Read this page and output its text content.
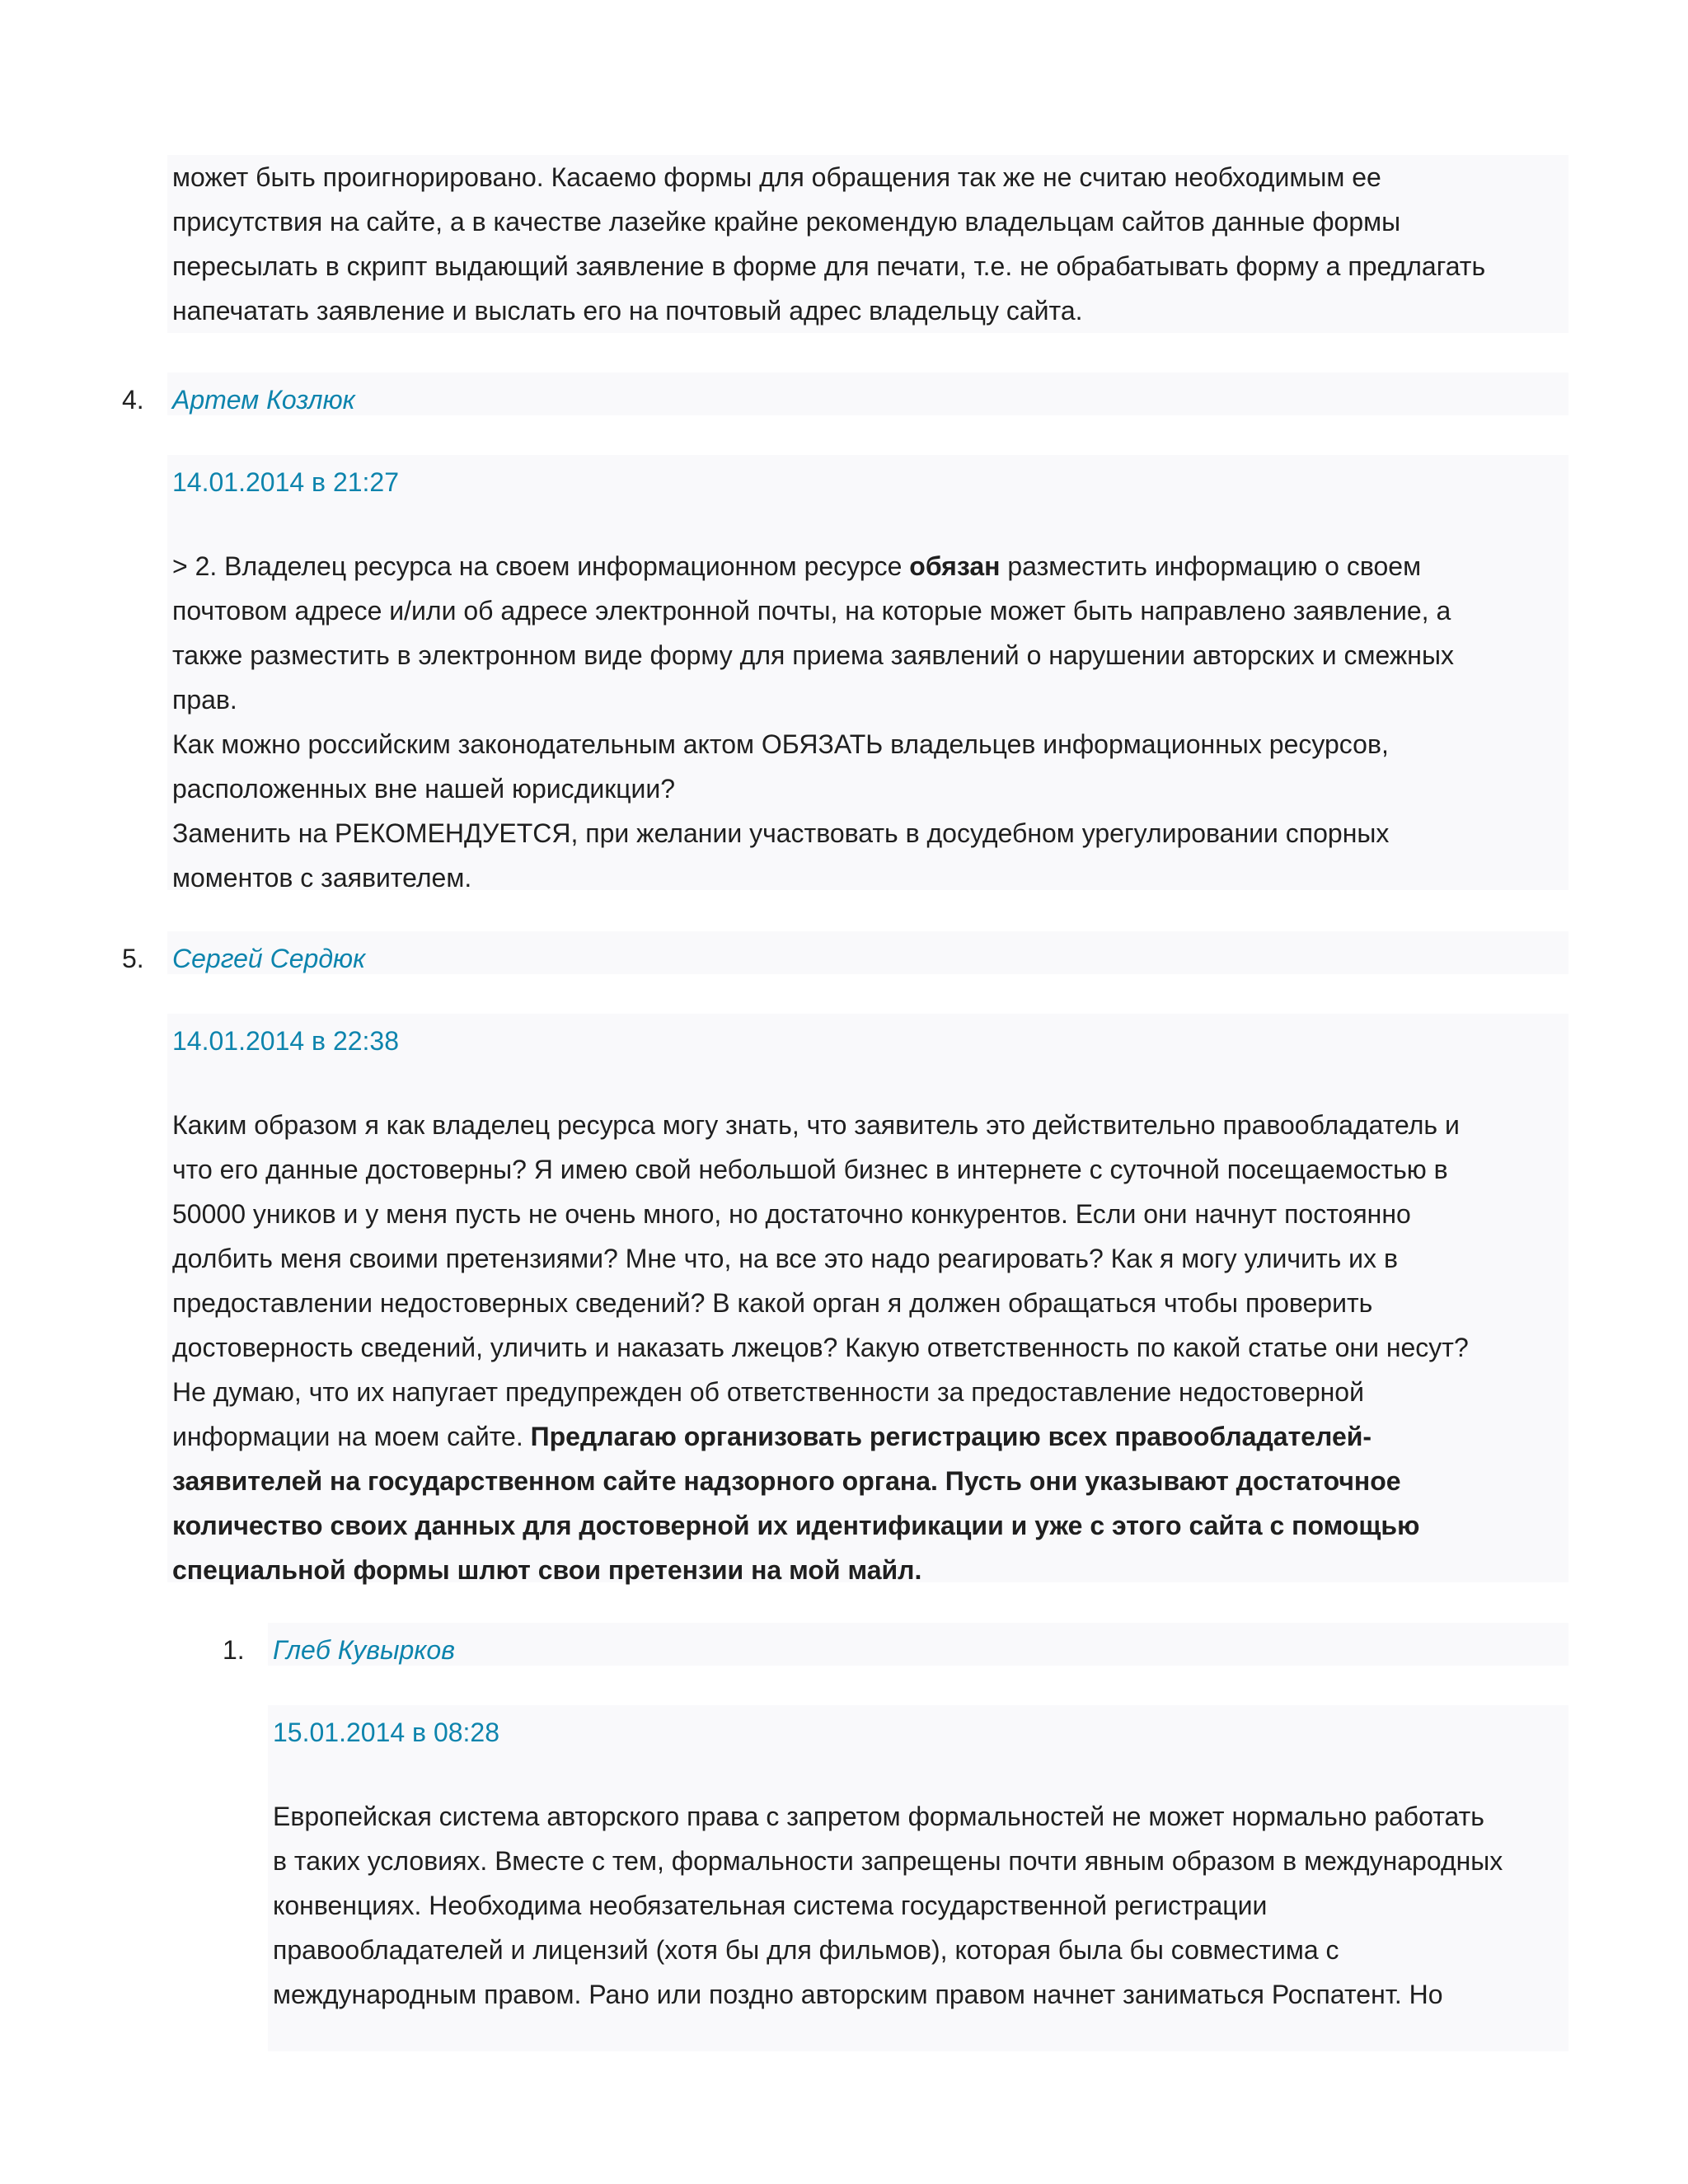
может быть проигнорировано. Касаемо формы для обращения так же не считаю необходимым ее

присутствия на сайте, а в качестве лазейке крайне рекомендую владельцам сайтов данные формы

пересылать в скрипт выдающий заявление в форме для печати, т.е. не обрабатывать форму а предлагать

напечатать заявление и выслать его на почтовый адрес владельцу сайта.

4. Артем Козлюк
14.01.2014 в 21:27

> 2. Владелец ресурса на своем информационном ресурсе обязан разместить информацию о своем

почтовом адресе и/или об адресе электронной почты, на которые может быть направлено заявление, а

также разместить в электронном виде форму для приема заявлений о нарушении авторских и смежных

прав.

Как можно российским законодательным актом ОБЯЗАТЬ владельцев информационных ресурсов,

расположенных вне нашей юрисдикции?

Заменить на РЕКОМЕНДУЕТСЯ, при желании участвовать в досудебном урегулировании спорных

моментов с заявителем.

5. Сергей Сердюк
14.01.2014 в 22:38

Каким образом я как владелец ресурса могу знать, что заявитель это действительно правообладатель и

что его данные достоверны? Я имею свой небольшой бизнес в интернете с суточной посещаемостью в

50000 уников и у меня пусть не очень много, но достаточно конкурентов. Если они начнут постоянно

долбить меня своими претензиями? Мне что, на все это надо реагировать? Как я могу уличить их в

предоставлении недостоверных сведений? В какой орган я должен обращаться чтобы проверить

достоверность сведений, уличить и наказать лжецов? Какую ответственность по какой статье они несут?

Не думаю, что их напугает предупрежден об ответственности за предоставление недостоверной

информации на моем сайте. Предлагаю организовать регистрацию всех правообладателей-

заявителей на государственном сайте надзорного органа. Пусть они указывают достаточное

количество своих данных для достоверной их идентификации и уже с этого сайта с помощью

специальной формы шлют свои претензии на мой майл.

1. Глеб Кувырков
15.01.2014 в 08:28

Европейская система авторского права с запретом формальностей не может нормально работать

в таких условиях. Вместе с тем, формальности запрещены почти явным образом в международных

конвенциях. Необходима необязательная система государственной регистрации

правообладателей и лицензий (хотя бы для фильмов), которая была бы совместима с

международным правом. Рано или поздно авторским правом начнет заниматься Роспатент. Но
